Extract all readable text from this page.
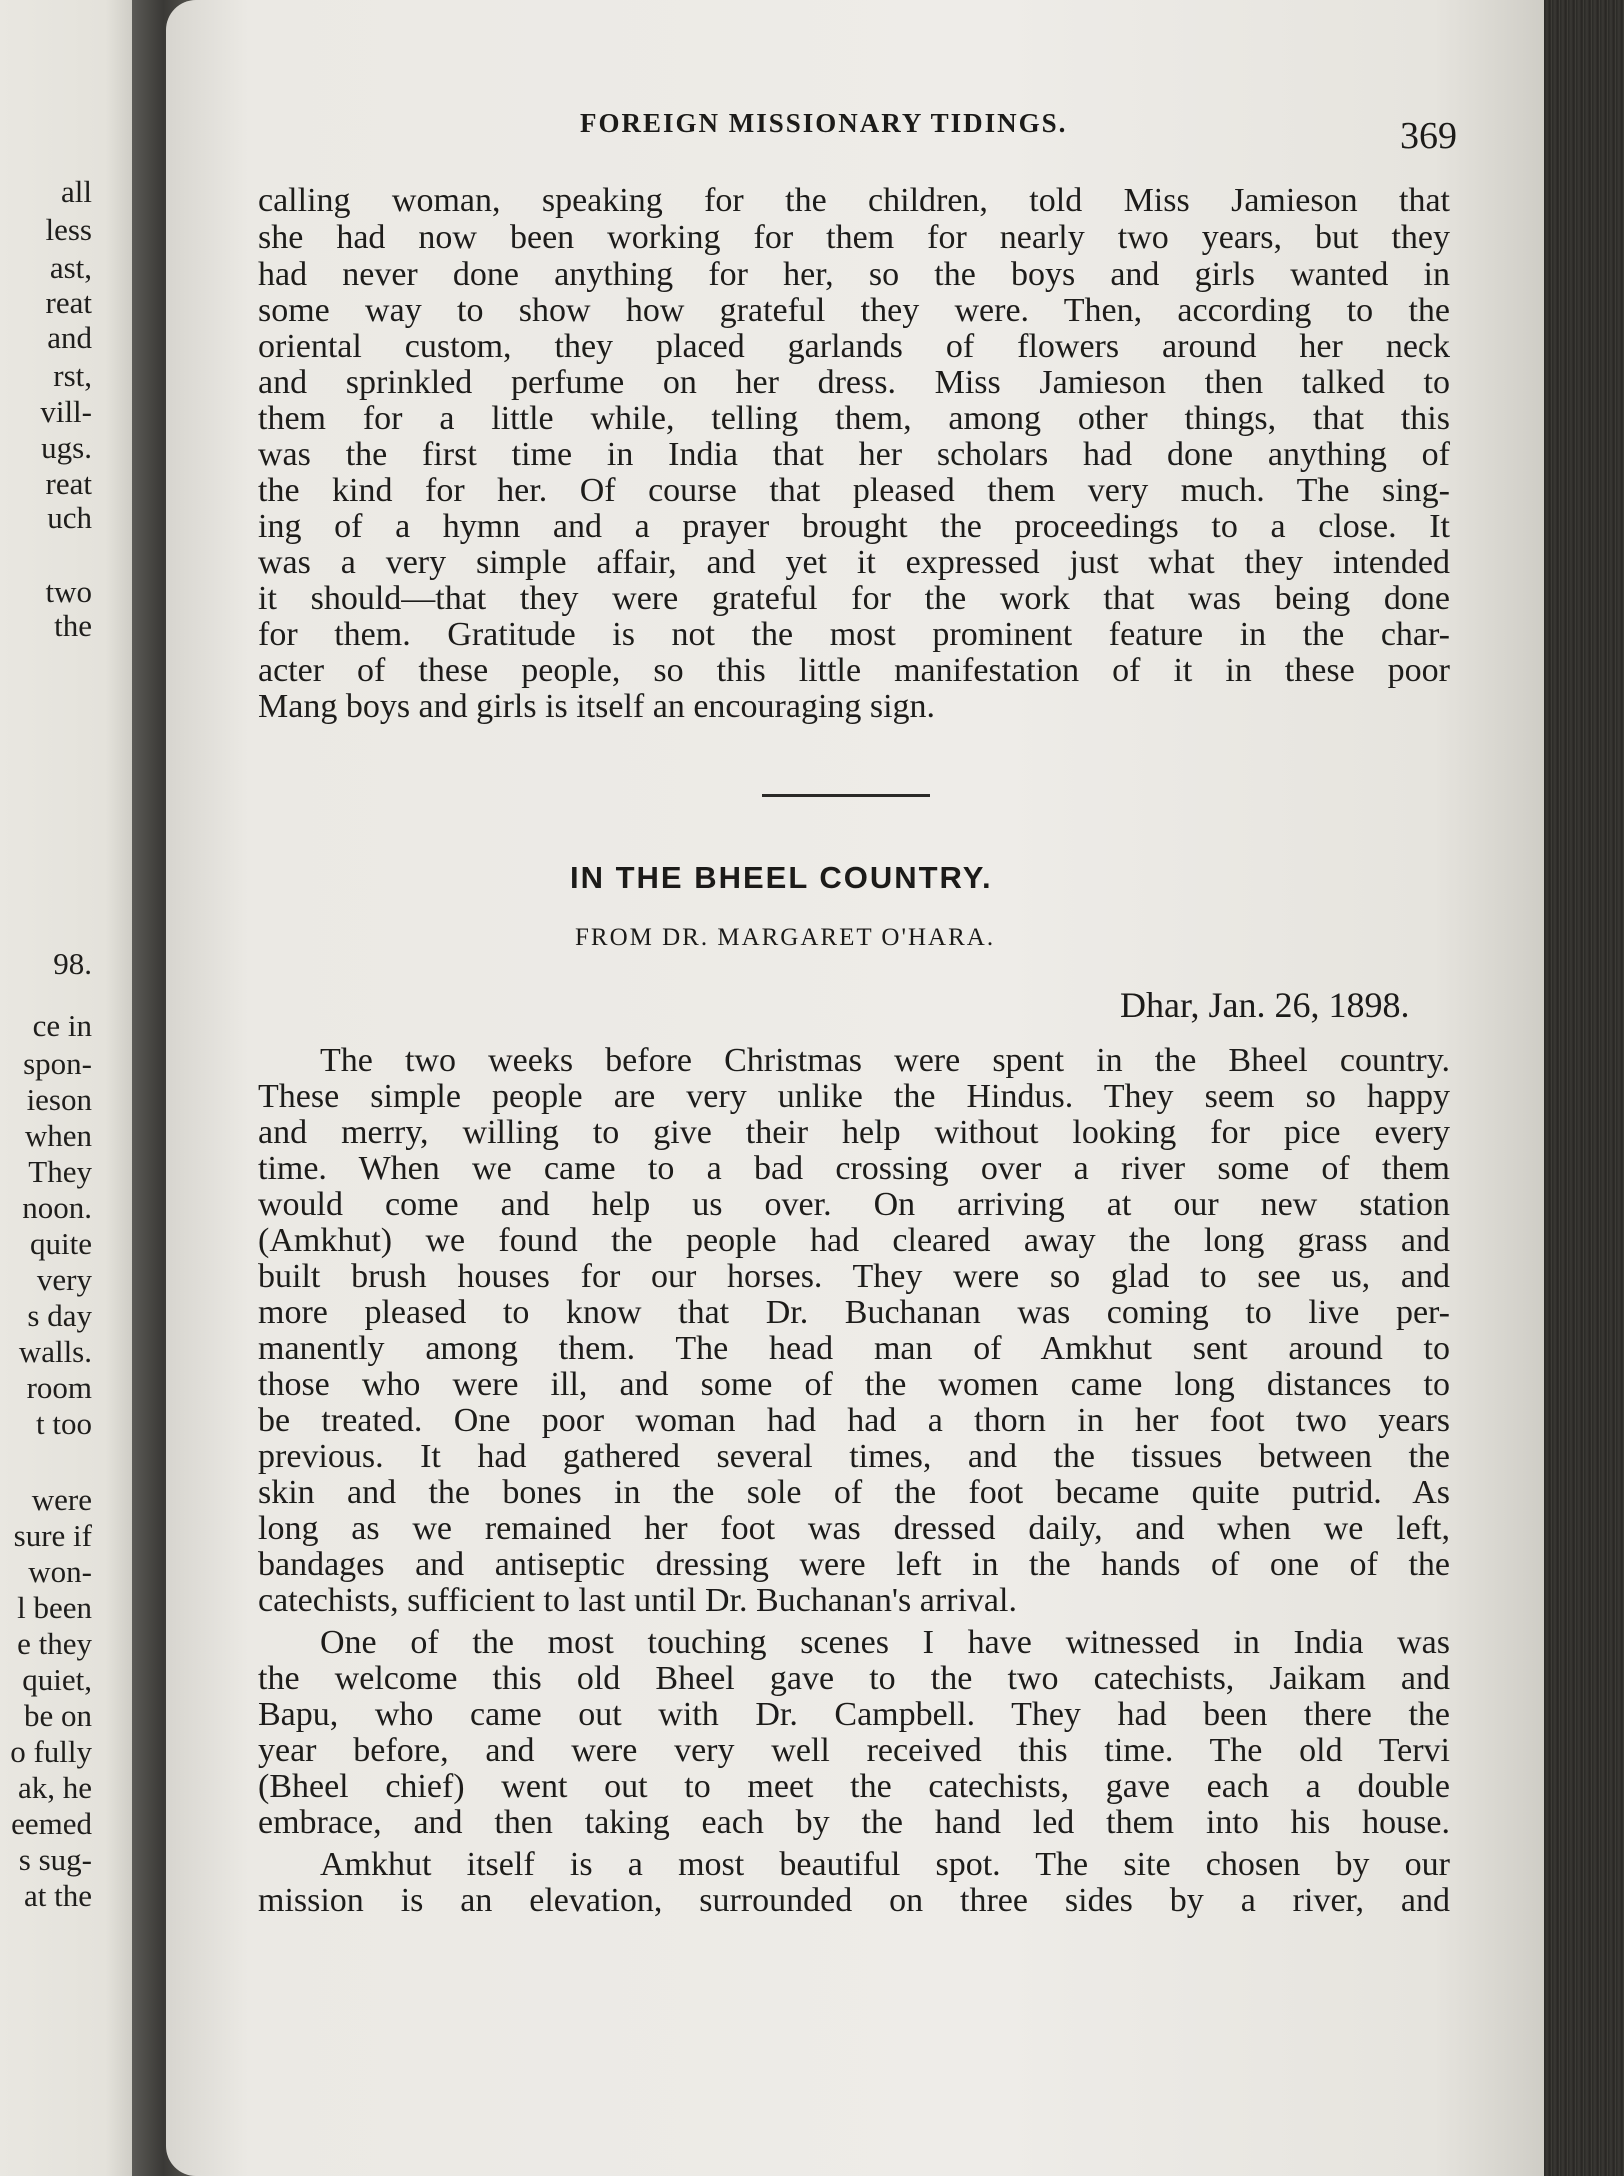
all
less
ast,
reat
and
rst,
vill-
ugs.
reat
uch
two
the
98.
ce in
spon-
ieson
when
They
noon.
quite
very
s day
walls.
room
t too
were
sure if
won-
l been
e they
quiet,
be on
o fully
ak, he
eemed
s sug-
at the
FOREIGN MISSIONARY TIDINGS.	369
calling woman, speaking for the children, told Miss Jamieson that
she had now been working for them for nearly two years, but they
had never done anything for her, so the boys and girls wanted in
some way to show how grateful they were. Then, according to the
oriental custom, they placed garlands of flowers around her neck
and sprinkled perfume on her dress. Miss Jamieson then talked to
them for a little while, telling them, among other things, that this
was the first time in India that her scholars had done anything of
the kind for her. Of course that pleased them very much. The sing-
ing of a hymn and a prayer brought the proceedings to a close. It
was a very simple affair, and yet it expressed just what they intended
it should—that they were grateful for the work that was being done
for them. Gratitude is not the most prominent feature in the char-
acter of these people, so this little manifestation of it in these poor
Mang boys and girls is itself an encouraging sign.
IN THE BHEEL COUNTRY.
FROM DR. MARGARET O'HARA.
Dhar, Jan. 26, 1898.
The two weeks before Christmas were spent in the Bheel country.
These simple people are very unlike the Hindus. They seem so happy
and merry, willing to give their help without looking for pice every
time. When we came to a bad crossing over a river some of them
would come and help us over. On arriving at our new station
(Amkhut) we found the people had cleared away the long grass and
built brush houses for our horses. They were so glad to see us, and
more pleased to know that Dr. Buchanan was coming to live per-
manently among them. The head man of Amkhut sent around to
those who were ill, and some of the women came long distances to
be treated. One poor woman had had a thorn in her foot two years
previous. It had gathered several times, and the tissues between the
skin and the bones in the sole of the foot became quite putrid. As
long as we remained her foot was dressed daily, and when we left,
bandages and antiseptic dressing were left in the hands of one of the
catechists, sufficient to last until Dr. Buchanan's arrival.
One of the most touching scenes I have witnessed in India was
the welcome this old Bheel gave to the two catechists, Jaikam and
Bapu, who came out with Dr. Campbell. They had been there the
year before, and were very well received this time. The old Tervi
(Bheel chief) went out to meet the catechists, gave each a double
embrace, and then taking each by the hand led them into his house.
Amkhut itself is a most beautiful spot. The site chosen by our
mission is an elevation, surrounded on three sides by a river, and
